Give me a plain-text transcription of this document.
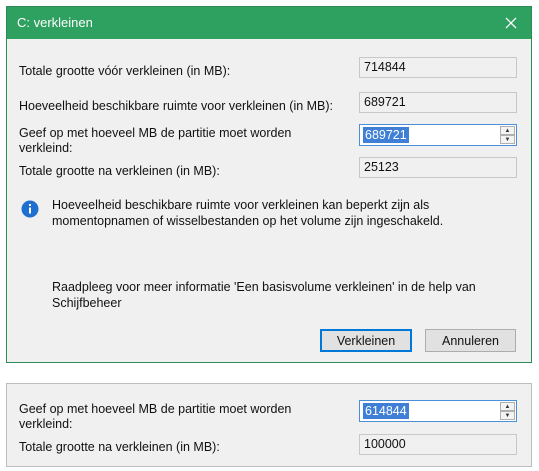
C: verkleinen
Totale grootte vóór verkleinen (in MB):	714844
Hoeveelheid beschikbare ruimte voor verkleinen (in MB):	689721
Geef op met hoeveel MB de partitie moet worden verkleind:
689721
689721	▲
▼
Totale grootte na verkleinen (in MB):	25123
Hoeveelheid beschikbare ruimte voor verkleinen kan beperkt zijn als momentopnamen of wisselbestanden op het volume zijn ingeschakeld.
Raadpleeg voor meer informatie 'Een basisvolume verkleinen' in de help van Schijfbeheer
Verkleinen	Annuleren
Geef op met hoeveel MB de partitie moet worden verkleind:
614844
614844	▲
▼
Totale grootte na verkleinen (in MB):	100000
